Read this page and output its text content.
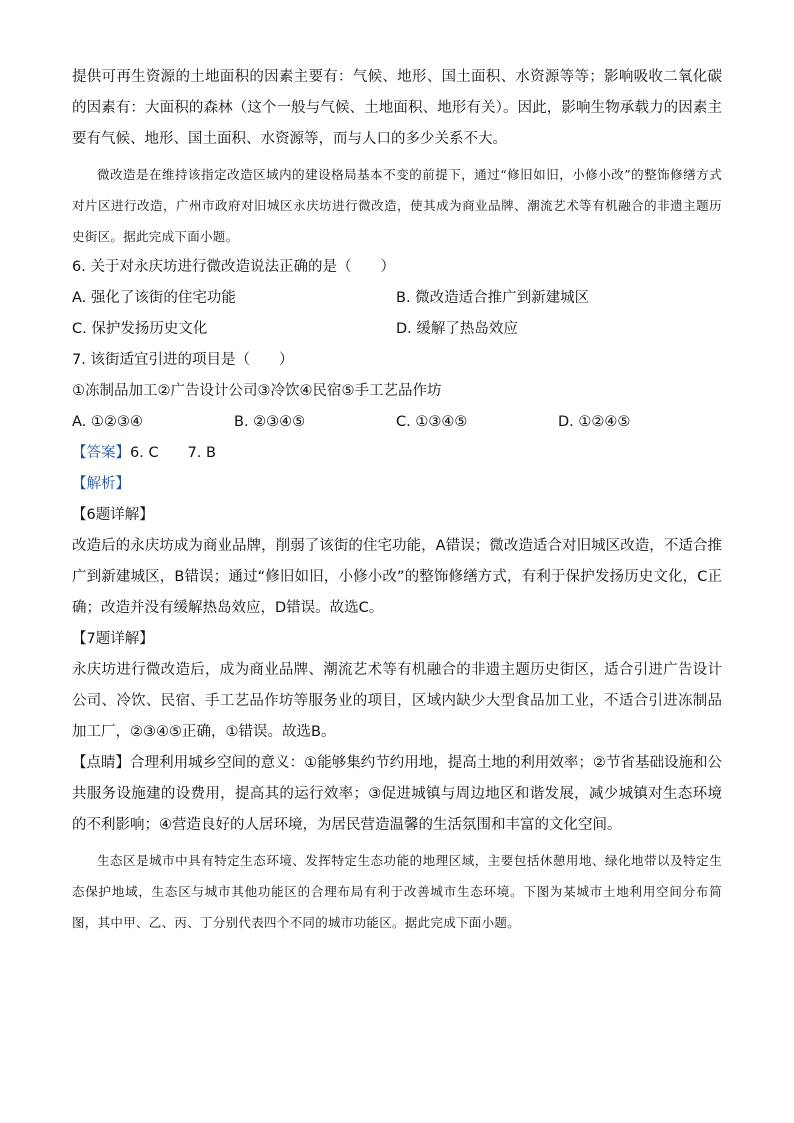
提供可再生资源的土地面积的因素主要有：气候、地形、国土面积、水资源等等；影响吸收二氧化碳的因素有：大面积的森林（这个一般与气候、土地面积、地形有关）。因此，影响生物承载力的因素主要有气候、地形、国土面积、水资源等，而与人口的多少关系不大。

微改造是在维持该指定改造区域内的建设格局基本不变的前提下，通过“修旧如旧，小修小改”的整饰修缮方式对片区进行改造，广州市政府对旧城区永庆坊进行微改造，使其成为商业品牌、潮流艺术等有机融合的非遗主题历史街区。据此完成下面小题。

6. 关于对永庆坊进行微改造说法正确的是（　　）

A. 强化了该街的住宅功能	B. 微改造适合推广到新建城区
C. 保护发扬历史文化	D. 缓解了热岛效应

7. 该街适宜引进的项目是（　　）

①冻制品加工②广告设计公司③冷饮④民宿⑤手工艺品作坊

A. ①②③④	B. ②③④⑤	C. ①③④⑤	D. ①②④⑤

【答案】6. C　　7. B

【解析】

【6题详解】

改造后的永庆坊成为商业品牌，削弱了该街的住宅功能，A错误；微改造适合对旧城区改造，不适合推广到新建城区，B错误；通过“修旧如旧，小修小改”的整饰修缮方式，有利于保护发扬历史文化，C正确；改造并没有缓解热岛效应，D错误。故选C。

【7题详解】

永庆坊进行微改造后，成为商业品牌、潮流艺术等有机融合的非遗主题历史街区，适合引进广告设计公司、冷饮、民宿、手工艺品作坊等服务业的项目，区域内缺少大型食品加工业，不适合引进冻制品加工厂，②③④⑤正确，①错误。故选B。

【点睛】合理利用城乡空间的意义：①能够集约节约用地，提高土地的利用效率；②节省基础设施和公共服务设施建的设费用，提高其的运行效率；③促进城镇与周边地区和谐发展，减少城镇对生态环境的不利影响；④营造良好的人居环境，为居民营造温馨的生活氛围和丰富的文化空间。

生态区是城市中具有特定生态环境、发挥特定生态功能的地理区域，主要包括休憩用地、绿化地带以及特定生态保护地域，生态区与城市其他功能区的合理布局有利于改善城市生态环境。下图为某城市土地利用空间分布简图，其中甲、乙、丙、丁分别代表四个不同的城市功能区。据此完成下面小题。
